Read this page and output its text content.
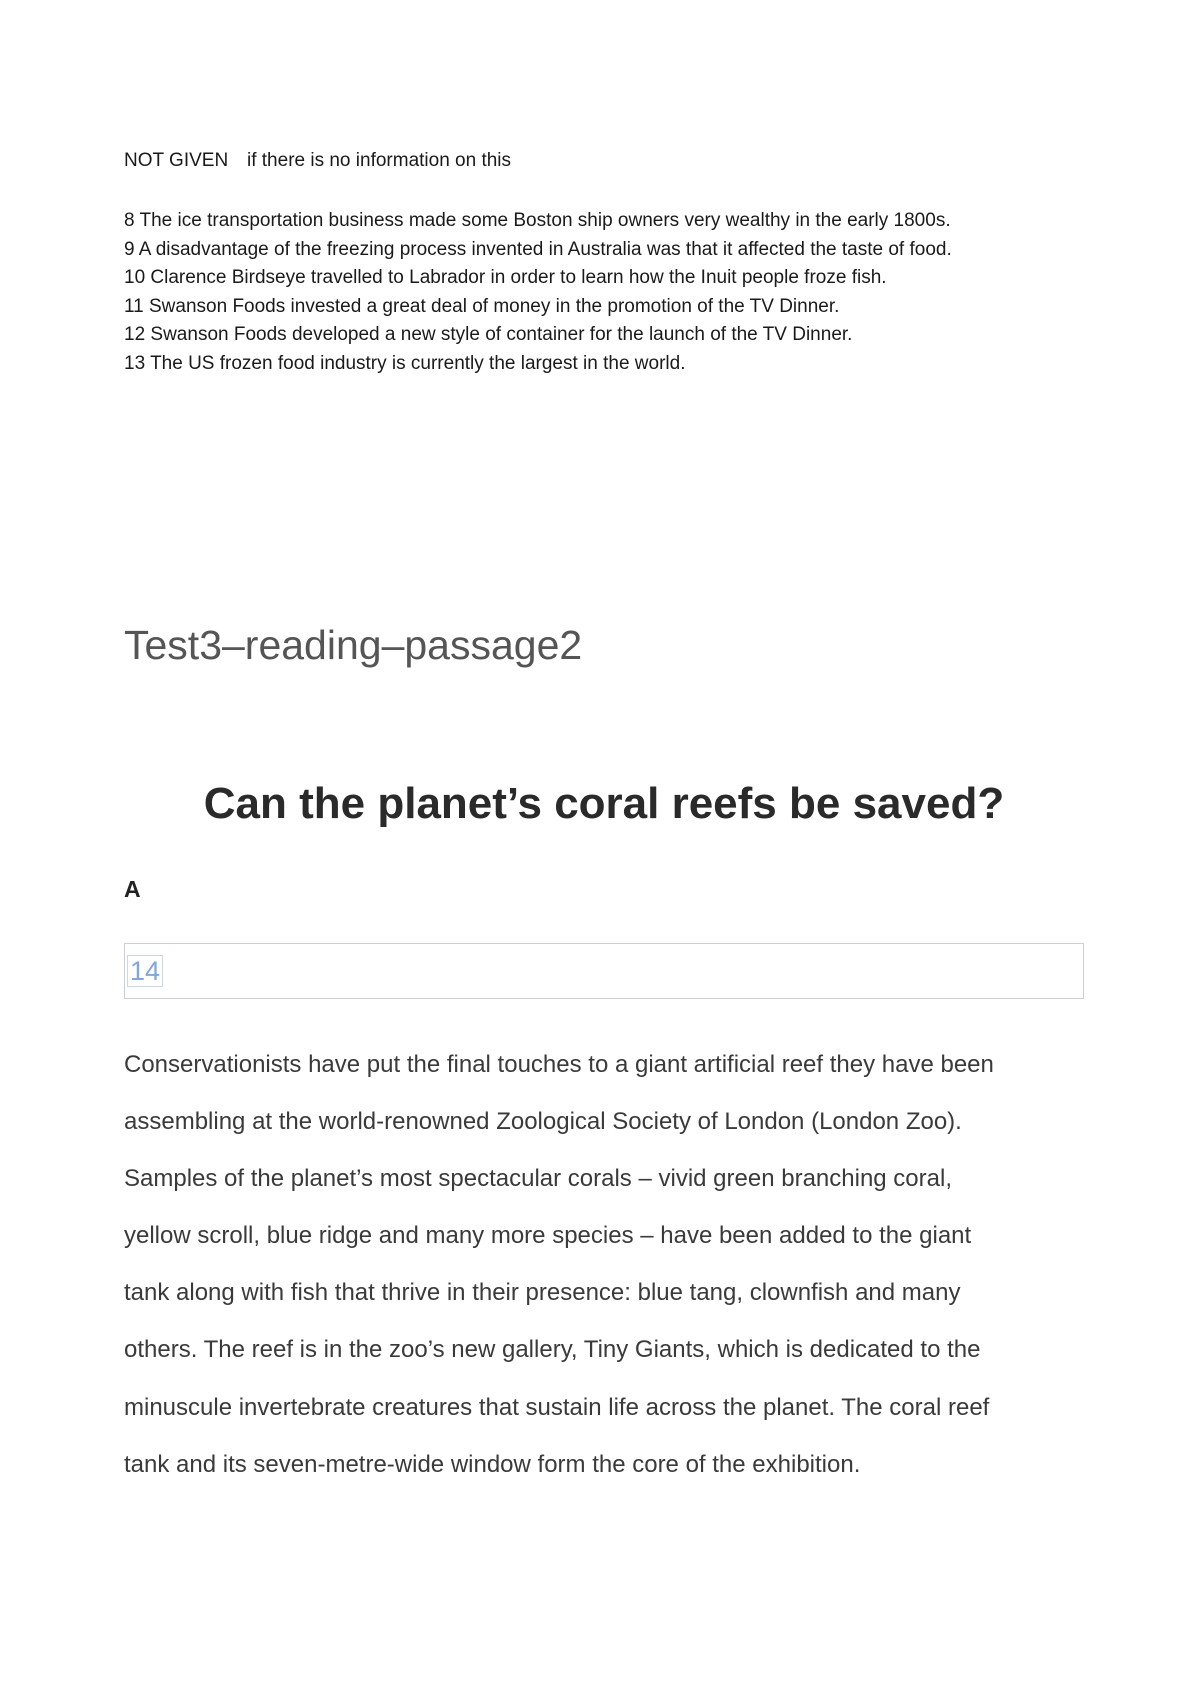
NOT GIVEN if there is no information on this
8 The ice transportation business made some Boston ship owners very wealthy in the early 1800s.
9 A disadvantage of the freezing process invented in Australia was that it affected the taste of food.
10 Clarence Birdseye travelled to Labrador in order to learn how the Inuit people froze fish.
11 Swanson Foods invested a great deal of money in the promotion of the TV Dinner.
12 Swanson Foods developed a new style of container for the launch of the TV Dinner.
13 The US frozen food industry is currently the largest in the world.
Test3–reading–passage2
Can the planet’s coral reefs be saved?
A
14

Conservationists have put the final touches to a giant artificial reef they have been
assembling at the world-renowned Zoological Society of London (London Zoo).
Samples of the planet’s most spectacular corals – vivid green branching coral,
yellow scroll, blue ridge and many more species – have been added to the giant
tank along with fish that thrive in their presence: blue tang, clownfish and many
others. The reef is in the zoo’s new gallery, Tiny Giants, which is dedicated to the
minuscule invertebrate creatures that sustain life across the planet. The coral reef
tank and its seven-metre-wide window form the core of the exhibition.
